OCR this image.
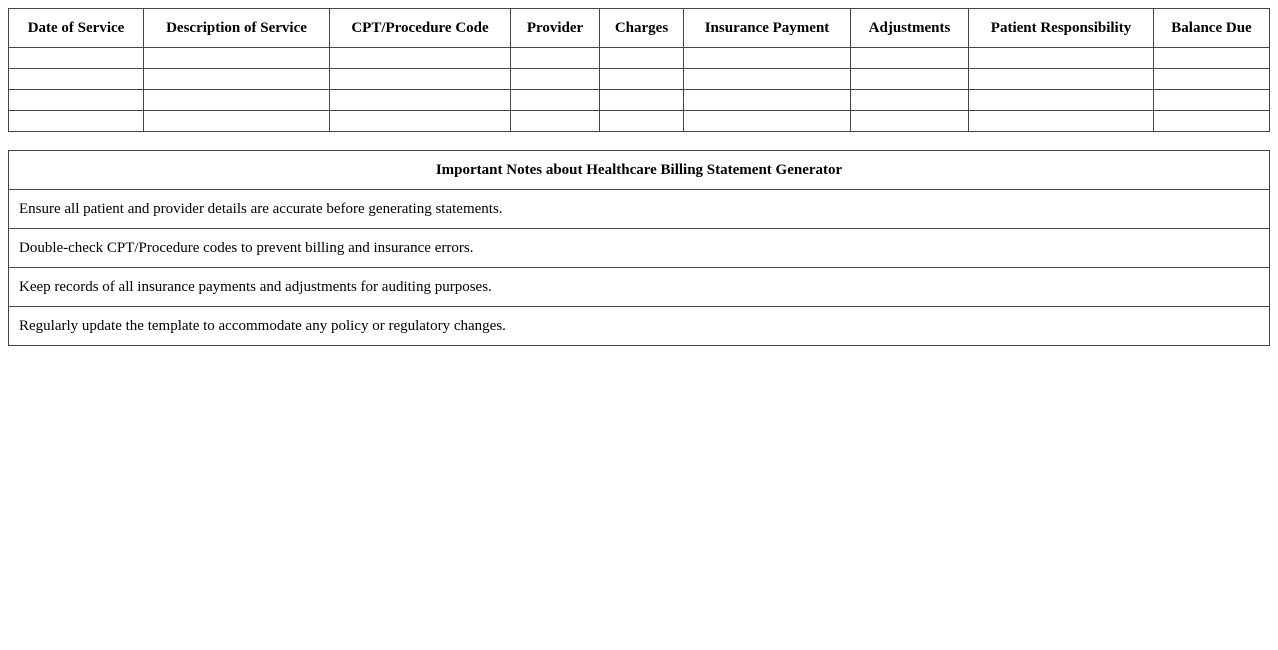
Date of Service	Description of Service	CPT/Procedure Code	Provider	Charges	Insurance Payment	Adjustments	Patient Responsibility	Balance Due

Important Notes about Healthcare Billing Statement Generator
Ensure all patient and provider details are accurate before generating statements.
Double-check CPT/Procedure codes to prevent billing and insurance errors.
Keep records of all insurance payments and adjustments for auditing purposes.
Regularly update the template to accommodate any policy or regulatory changes.
